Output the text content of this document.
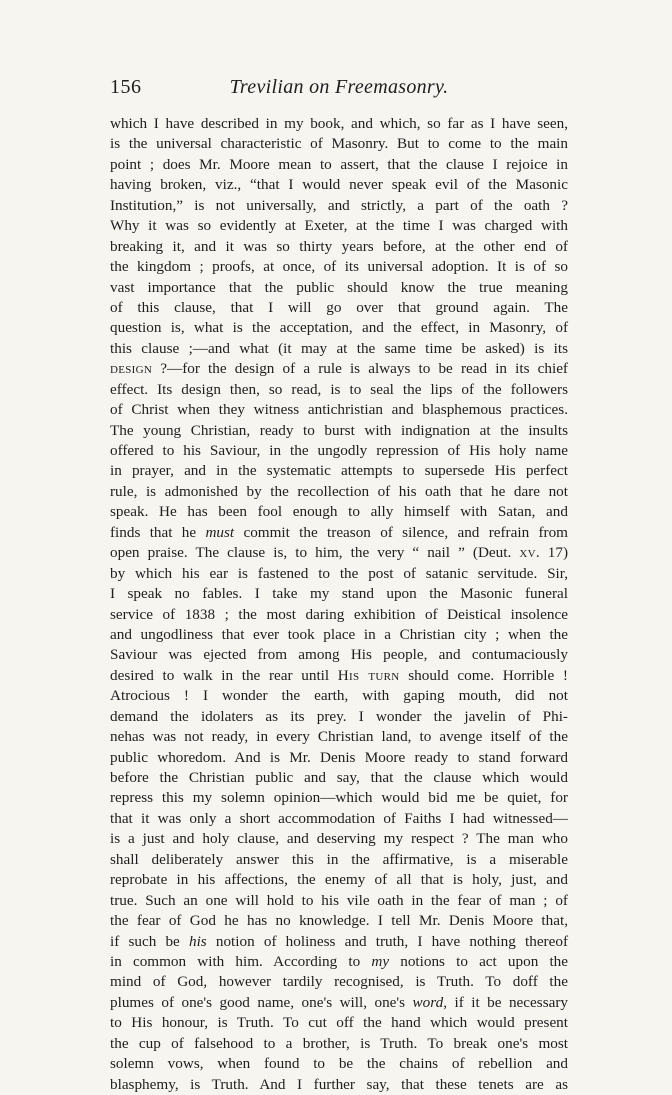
156	Trevilian on Freemasonry.
which I have described in my book, and which, so far as I have seen,
is the universal characteristic of Masonry. But to come to the main
point ; does Mr. Moore mean to assert, that the clause I rejoice in
having broken, viz., “that I would never speak evil of the Masonic
Institution,” is not universally, and strictly, a part of the oath ?
Why it was so evidently at Exeter, at the time I was charged with
breaking it, and it was so thirty years before, at the other end of
the kingdom ; proofs, at once, of its universal adoption. It is of so
vast importance that the public should know the true meaning
of this clause, that I will go over that ground again. The
question is, what is the acceptation, and the effect, in Masonry, of
this clause ;—and what (it may at the same time be asked) is its
design ?—for the design of a rule is always to be read in its chief
effect. Its design then, so read, is to seal the lips of the followers
of Christ when they witness antichristian and blasphemous practices.
The young Christian, ready to burst with indignation at the insults
offered to his Saviour, in the ungodly repression of His holy name
in prayer, and in the systematic attempts to supersede His perfect
rule, is admonished by the recollection of his oath that he dare not
speak. He has been fool enough to ally himself with Satan, and
finds that he must commit the treason of silence, and refrain from
open praise. The clause is, to him, the very “ nail ” (Deut. xv. 17)
by which his ear is fastened to the post of satanic servitude. Sir,
I speak no fables. I take my stand upon the Masonic funeral
service of 1838 ; the most daring exhibition of Deistical insolence
and ungodliness that ever took place in a Christian city ; when the
Saviour was ejected from among His people, and contumaciously
desired to walk in the rear until His turn should come. Horrible !
Atrocious ! I wonder the earth, with gaping mouth, did not
demand the idolaters as its prey. I wonder the javelin of Phi-
nehas was not ready, in every Christian land, to avenge itself of the
public whoredom. And is Mr. Denis Moore ready to stand forward
before the Christian public and say, that the clause which would
repress this my solemn opinion—which would bid me be quiet, for
that it was only a short accommodation of Faiths I had witnessed—
is a just and holy clause, and deserving my respect ? The man who
shall deliberately answer this in the affirmative, is a miserable
reprobate in his affections, the enemy of all that is holy, just, and
true. Such an one will hold to his vile oath in the fear of man ; of
the fear of God he has no knowledge. I tell Mr. Denis Moore that,
if such be his notion of holiness and truth, I have nothing thereof
in common with him. According to my notions to act upon the
mind of God, however tardily recognised, is Truth. To doff the
plumes of one's good name, one's will, one's word, if it be necessary
to His honour, is Truth. To cut off the hand which would present
the cup of falsehood to a brother, is Truth. To break one's most
solemn vows, when found to be the chains of rebellion and
blasphemy, is Truth. And I further say, that these tenets are as
